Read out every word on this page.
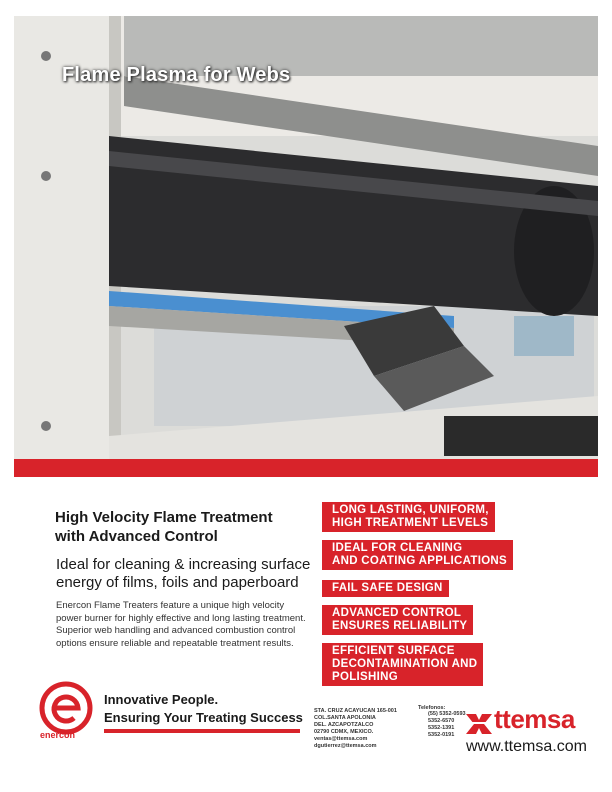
Flame Plasma for Webs
High Velocity Flame Treatment
with Advanced Control
Ideal for cleaning & increasing surface
energy of films, foils and paperboard
Enercon Flame Treaters feature a unique high velocity power burner for highly effective and long lasting treatment. Superior web handling and advanced combustion control options ensure reliable and repeatable treatment results.
LONG LASTING, UNIFORM,
HIGH TREATMENT LEVELS

IDEAL FOR CLEANING
AND COATING APPLICATIONS

FAIL SAFE DESIGN

ADVANCED CONTROL
ENSURES RELIABILITY

EFFICIENT SURFACE
DECONTAMINATION AND
POLISHING
enercon
Innovative People.
Ensuring Your Treating Success STA. CRUZ ACAYUCAN 165-001
COL.SANTA APOLONIA
DEL. AZCAPOTZALCO
02790 CDMX, MEXICO.
ventas@ttemsa.com
dgutierrez@ttemsa.com
Telefonos:
(55) 5352-0593
5352-6570
5352-1391
5352-0191
ttemsa
www.ttemsa.com
